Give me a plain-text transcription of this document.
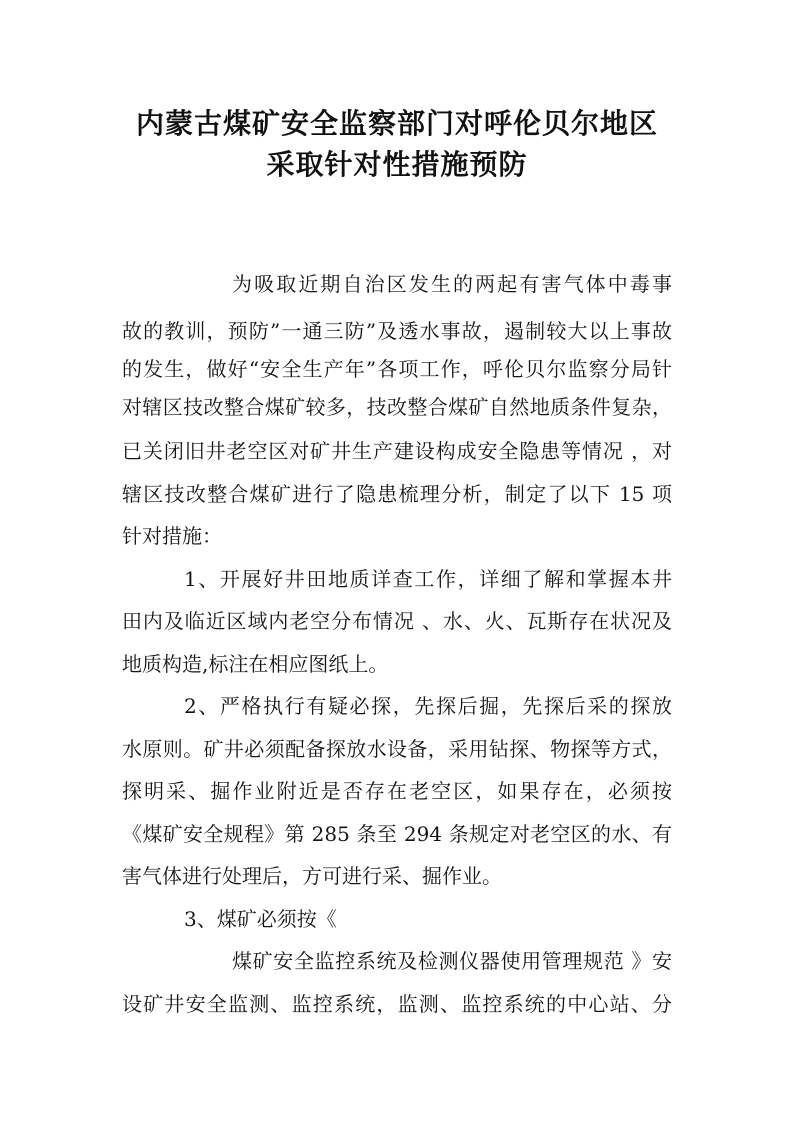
内蒙古煤矿安全监察部门对呼伦贝尔地区
采取针对性措施预防
为吸取近期自治区发生的两起有害气体中毒事
故的教训，预防”一通三防”及透水事故，遏制较大以上事故
的发生，做好“安全生产年”各项工作，呼伦贝尔监察分局针
对辖区技改整合煤矿较多，技改整合煤矿自然地质条件复杂，
已关闭旧井老空区对矿井生产建设构成安全隐患等情况 ，对
辖区技改整合煤矿进行了隐患梳理分析，制定了以下 15 项
针对措施：
1、开展好井田地质详查工作，详细了解和掌握本井
田内及临近区域内老空分布情况 、水、火、瓦斯存在状况及
地质构造,标注在相应图纸上。
2、严格执行有疑必探，先探后掘，先探后采的探放
水原则。矿井必须配备探放水设备，采用钻探、物探等方式，
探明采、掘作业附近是否存在老空区，如果存在，必须按
《煤矿安全规程》第 285 条至 294 条规定对老空区的水、有
害气体进行处理后，方可进行采、掘作业。
3、煤矿必须按《
煤矿安全监控系统及检测仪器使用管理规范 》安
设矿井安全监测、监控系统，监测、监控系统的中心站、分
